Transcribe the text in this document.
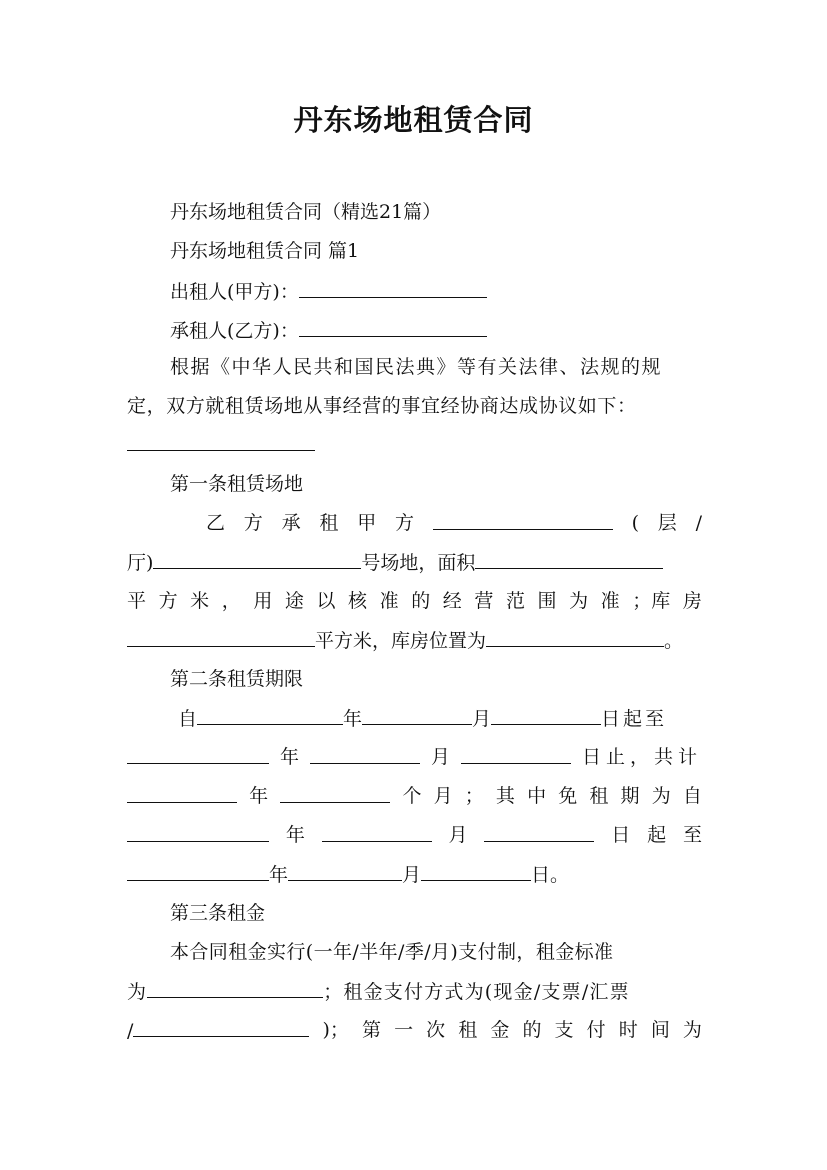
丹东场地租赁合同
丹东场地租赁合同（精选21篇）
丹东场地租赁合同 篇1
出租人(甲方)：
承租人(乙方)：
根据《中华人民共和国民法典》等有关法律、法规的规
定，双方就租赁场地从事经营的事宜经协商达成协议如下：
第一条租赁场地
乙 方 承 租 甲 方	( 层 /
厅)	号场地，面积
平 方 米 ， 用 途 以 核 准 的 经 营 范 围 为 准 ；库 房
平方米，库房位置为	。
第二条租赁期限
自	年	月	日起至
年	月	日止，共计
年	个 月 ； 其 中 免 租 期 为 自
年	月	日 起 至
年	月	日。
第三条租金
本合同租金实行(一年/半年/季/月)支付制，租金标准
为	；租金支付方式为(现金/支票/汇票
/	)； 第 一 次 租 金 的 支 付 时 间 为
